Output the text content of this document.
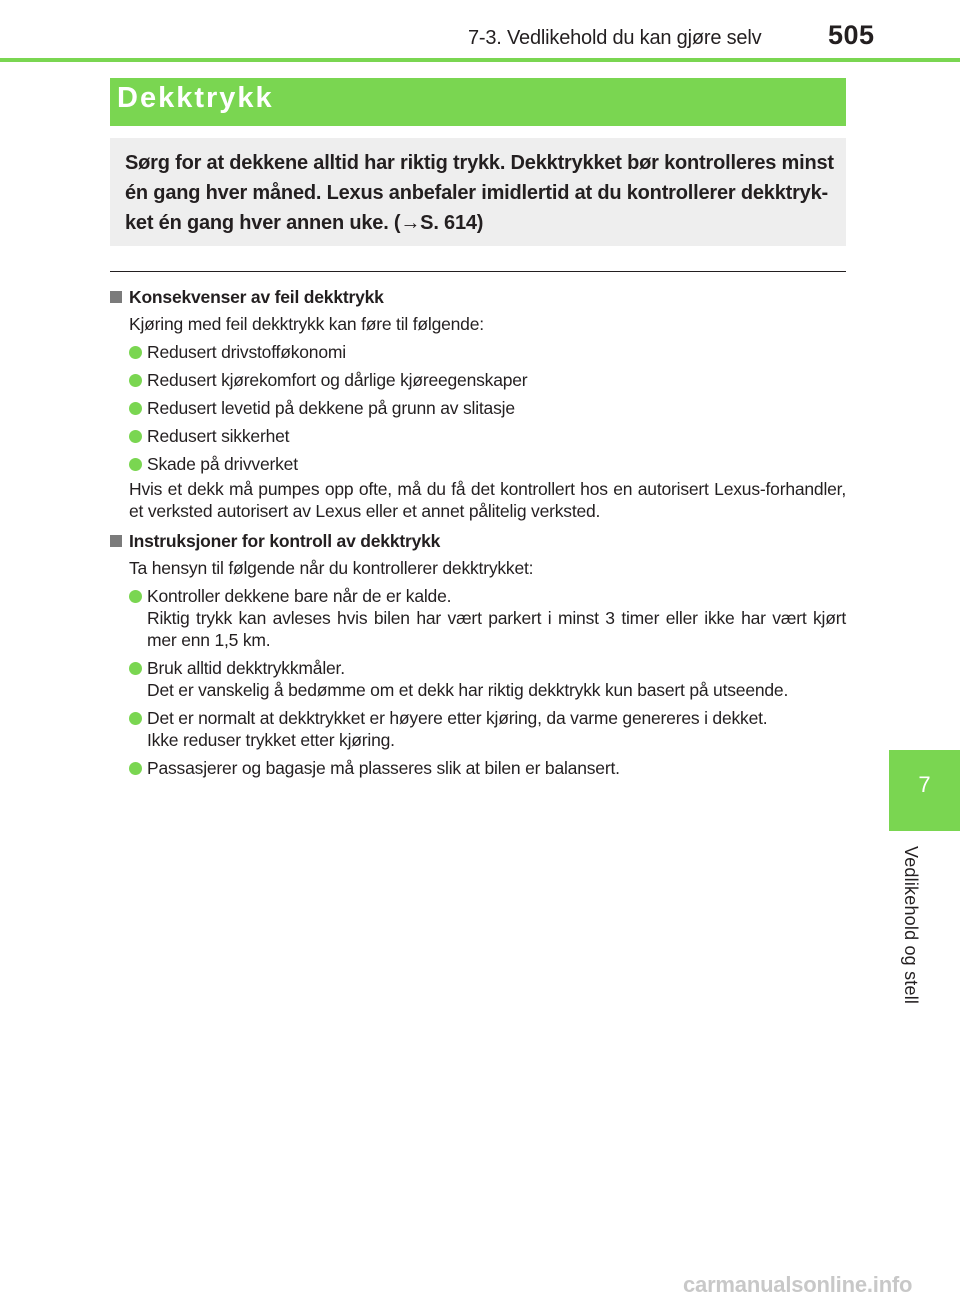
7-3. Vedlikehold du kan gjøre selv 505
Dekktrykk

Sørg for at dekkene alltid har riktig trykk. Dekktrykket bør kontrolleres minst én gang hver måned. Lexus anbefaler imidlertid at du kontrollerer dekktrykket én gang hver annen uke. (→S. 614)

Konsekvenser av feil dekktrykk
Kjøring med feil dekktrykk kan føre til følgende:
Redusert drivstofføkonomi
Redusert kjørekomfort og dårlige kjøreegenskaper
Redusert levetid på dekkene på grunn av slitasje
Redusert sikkerhet
Skade på drivverket
Hvis et dekk må pumpes opp ofte, må du få det kontrollert hos en autorisert Lexus-forhandler, et verksted autorisert av Lexus eller et annet pålitelig verksted.
Instruksjoner for kontroll av dekktrykk
Ta hensyn til følgende når du kontrollerer dekktrykket:
Kontroller dekkene bare når de er kalde.
Riktig trykk kan avleses hvis bilen har vært parkert i minst 3 timer eller ikke har vært kjørt mer enn 1,5 km.
Bruk alltid dekktrykkmåler.
Det er vanskelig å bedømme om et dekk har riktig dekktrykk kun basert på utseende.
Det er normalt at dekktrykket er høyere etter kjøring, da varme genereres i dekket.
Ikke reduser trykket etter kjøring.
Passasjerer og bagasje må plasseres slik at bilen er balansert.
7
Vedlikehold og stell
carmanualsonline.info
